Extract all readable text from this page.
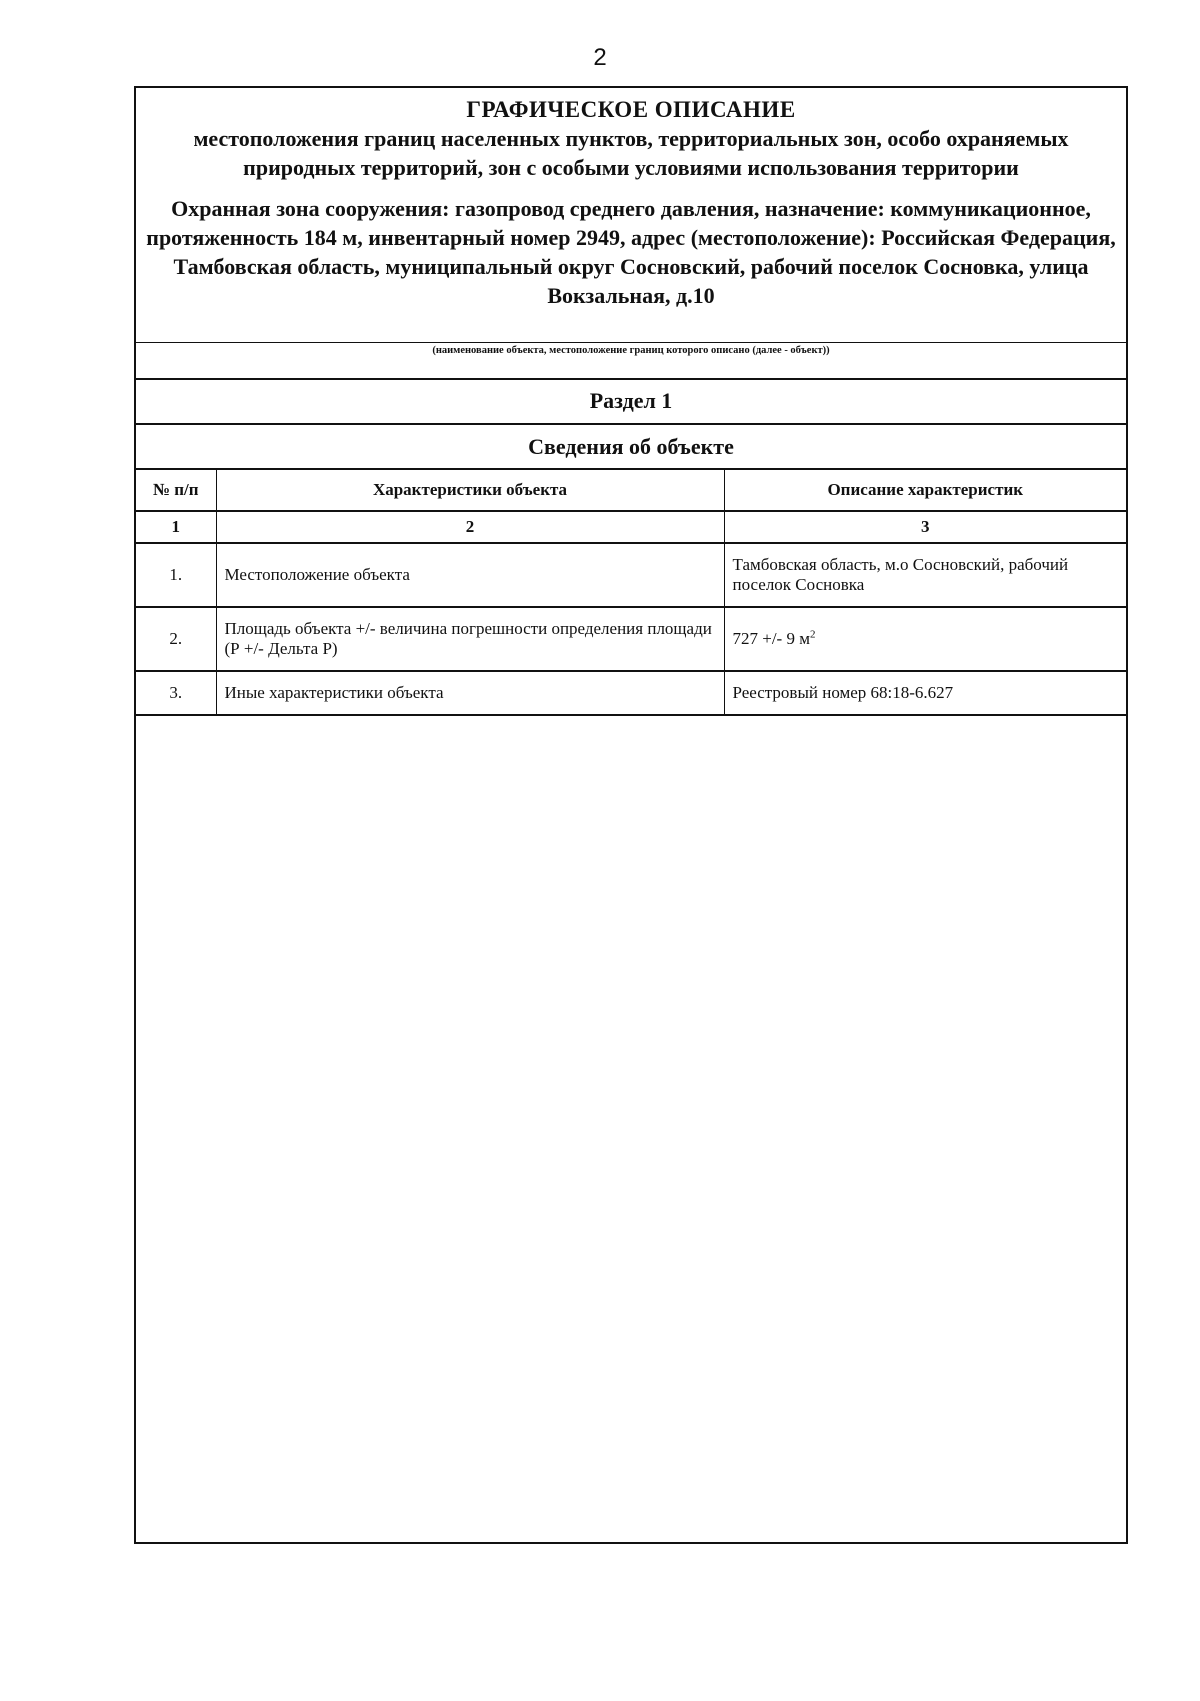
2
ГРАФИЧЕСКОЕ ОПИСАНИЕ
местоположения границ населенных пунктов, территориальных зон, особо охраняемых природных территорий, зон с особыми условиями использования территории
Охранная зона сооружения: газопровод среднего давления, назначение: коммуникационное, протяженность 184 м, инвентарный номер 2949, адрес (местоположение): Российская Федерация, Тамбовская область, муниципальный округ Сосновский, рабочий поселок Сосновка, улица Вокзальная, д.10
(наименование объекта, местоположение границ которого описано (далее - объект))
Раздел 1
Сведения об объекте
№ п/п	Характеристики объекта	Описание характеристик
1	2	3
1.	Местоположение объекта	Тамбовская область, м.о Сосновский, рабочий поселок Сосновка
2.	Площадь объекта +/- величина погрешности определения площади (Р +/- Дельта Р)	727 +/- 9 $м^2$
3.	Иные характеристики объекта	Реестровый номер 68:18-6.627
